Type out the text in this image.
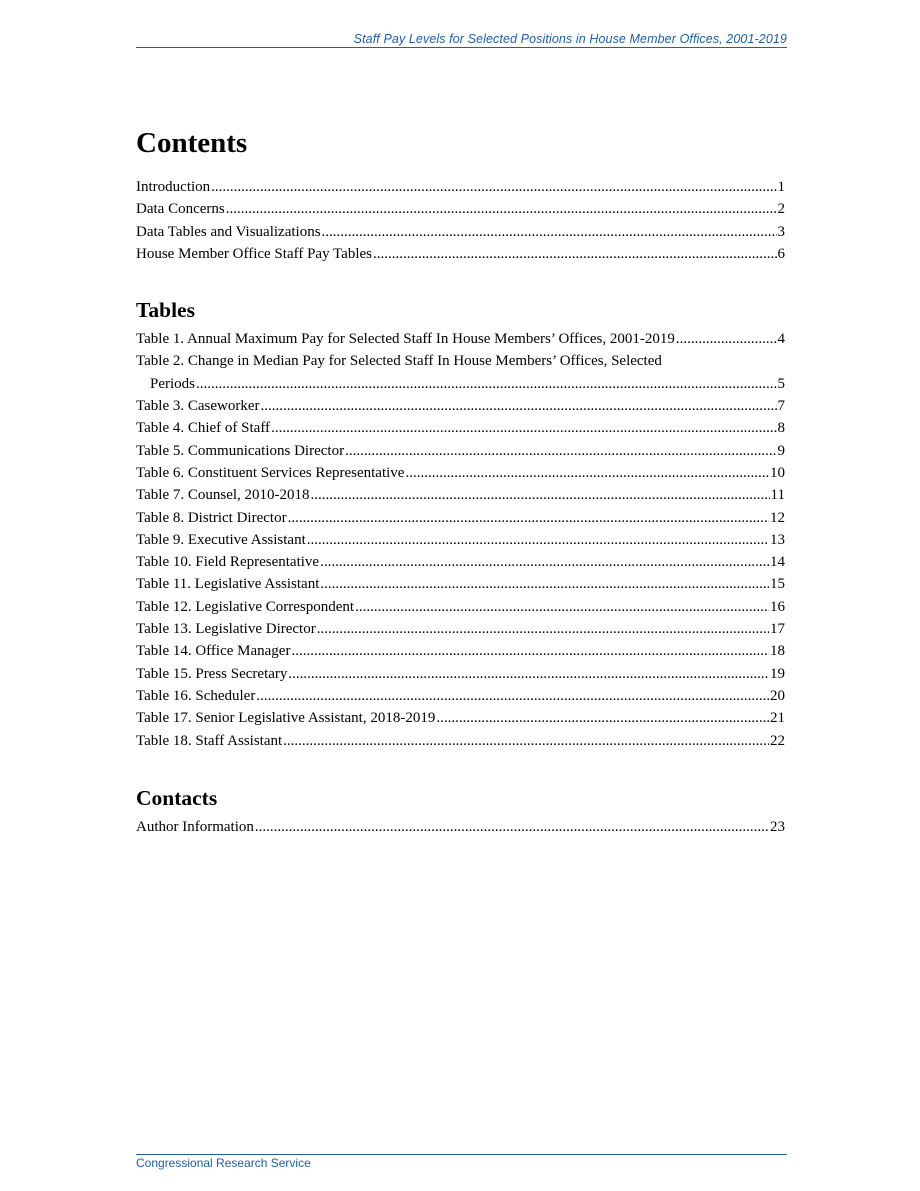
Staff Pay Levels for Selected Positions in House Member Offices, 2001-2019
Contents
Introduction .....	1
Data Concerns .....	2
Data Tables and Visualizations .....	3
House Member Office Staff Pay Tables .....	6
Tables
Table 1. Annual Maximum Pay for Selected Staff In House Members’ Offices, 2001-2019 .....	4
Table 2. Change in Median Pay for Selected Staff In House Members’ Offices, Selected
Periods .....	5
Table 3. Caseworker .....	7
Table 4. Chief of Staff .....	8
Table 5. Communications Director .....	9
Table 6. Constituent Services Representative .....	10
Table 7. Counsel, 2010-2018 .....	11
Table 8. District Director .....	12
Table 9. Executive Assistant .....	13
Table 10. Field Representative .....	14
Table 11. Legislative Assistant .....	15
Table 12. Legislative Correspondent .....	16
Table 13. Legislative Director .....	17
Table 14. Office Manager .....	18
Table 15. Press Secretary .....	19
Table 16. Scheduler .....	20
Table 17. Senior Legislative Assistant, 2018-2019 .....	21
Table 18. Staff Assistant .....	22
Contacts
Author Information .....	23
Congressional Research Service
